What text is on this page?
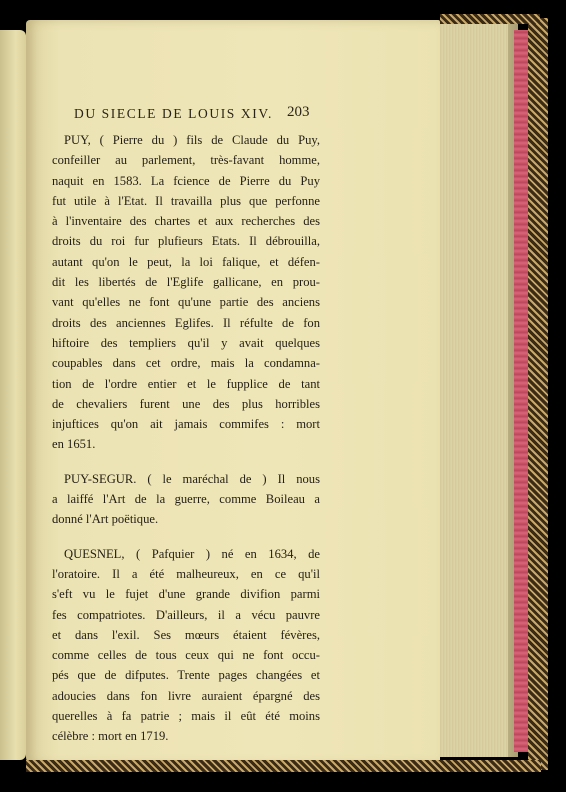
DU SIECLE DE LOUIS XIV. 203
PUY, ( Pierre du ) fils de Claude du Puy,
confeiller au parlement, très-favant homme,
naquit en 1583. La fcience de Pierre du Puy
fut utile à l'Etat. Il travailla plus que perfonne
à l'inventaire des chartes et aux recherches des
droits du roi fur plufieurs Etats. Il débrouilla,
autant qu'on le peut, la loi falique, et défen-
dit les libertés de l'Eglife gallicane, en prou-
vant qu'elles ne font qu'une partie des anciens
droits des anciennes Eglifes. Il réfulte de fon
hiftoire des templiers qu'il y avait quelques
coupables dans cet ordre, mais la condamna-
tion de l'ordre entier et le fupplice de tant
de chevaliers furent une des plus horribles
injuftices qu'on ait jamais commifes : mort
en 1651.
PUY-SEGUR. ( le maréchal de ) Il nous
a laiffé l'Art de la guerre, comme Boileau a
donné l'Art poëtique.
QUESNEL, ( Pafquier ) né en 1634, de
l'oratoire. Il a été malheureux, en ce qu'il
s'eft vu le fujet d'une grande divifion parmi
fes compatriotes. D'ailleurs, il a vécu pauvre
et dans l'exil. Ses mœurs étaient févères,
comme celles de tous ceux qui ne font occu-
pés que de difputes. Trente pages changées et
adoucies dans fon livre auraient épargné des
querelles à fa patrie ; mais il eût été moins
célèbre : mort en 1719.
